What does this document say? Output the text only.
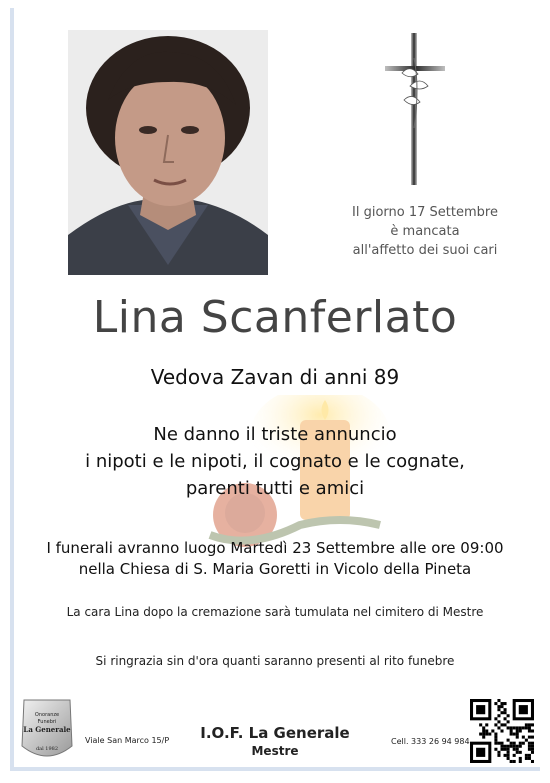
Il giorno 17 Settembre
è mancata
all'affetto dei suoi cari
Lina Scanferlato
Vedova Zavan di anni 89
Ne danno il triste annuncio
i nipoti e le nipoti, il cognato e le cognate,
parenti tutti e amici
I funerali avranno luogo Martedì 23 Settembre alle ore 09:00
nella Chiesa di S. Maria Goretti in Vicolo della Pineta
La cara Lina dopo la cremazione sarà tumulata nel cimitero di Mestre
Si ringrazia sin d'ora quanti saranno presenti al rito funebre
Onoranze
Funebri
La Generale
dal 1982
Viale San Marco 15/P	I.O.F. La Generale
Mestre
Cell. 333 26 94 984
